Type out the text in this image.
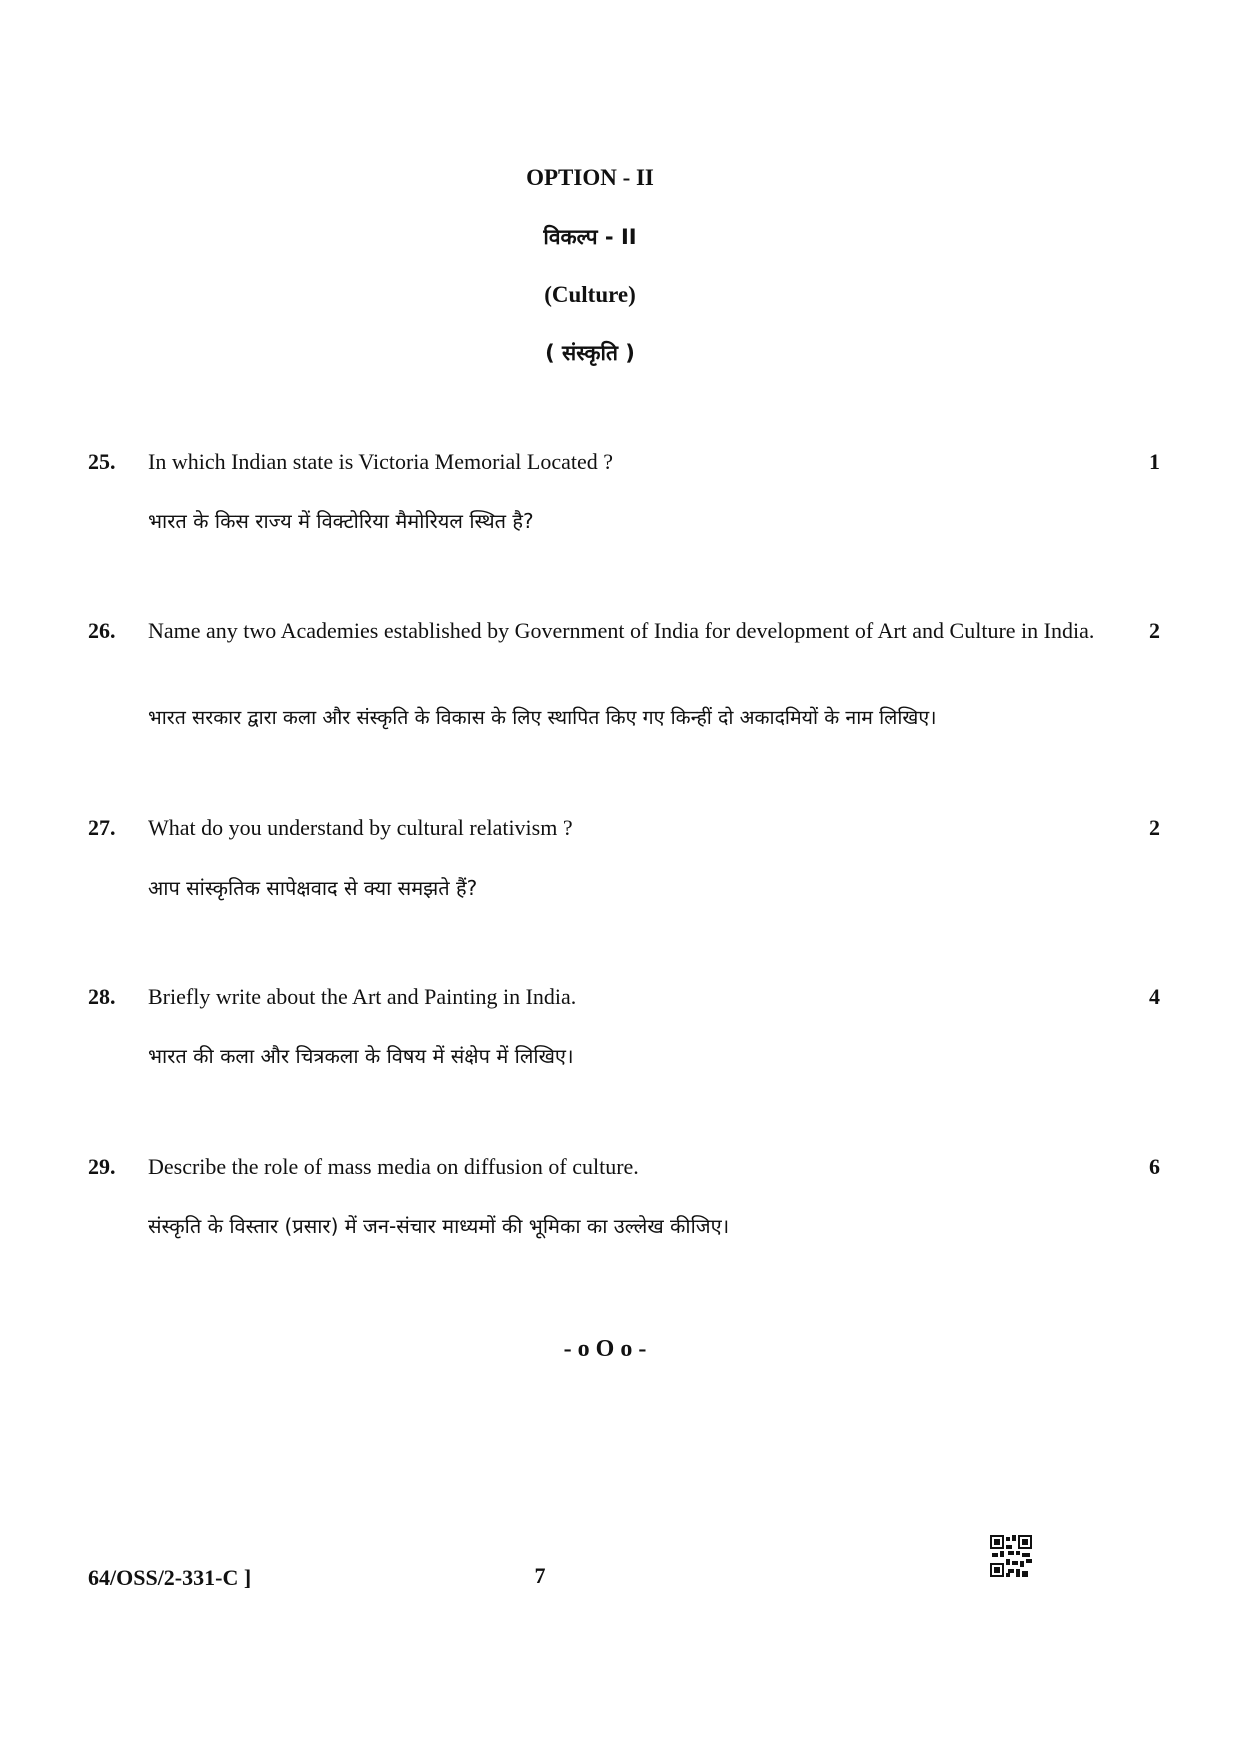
OPTION - II
विकल्प - II
(Culture)
( संस्कृति )
25.	In which Indian state is Victoria Memorial Located ?	1
भारत के किस राज्य में विक्टोरिया मैमोरियल स्थित है?
26.	Name any two Academies established by Government of India for development of Art and Culture in India.	2
भारत सरकार द्वारा कला और संस्कृति के विकास के लिए स्थापित किए गए किन्हीं दो अकादमियों के नाम लिखिए।
27.	What do you understand by cultural relativism ?	2
आप सांस्कृतिक सापेक्षवाद से क्या समझते हैं?
28.	Briefly write about the Art and Painting in India.	4
भारत की कला और चित्रकला के विषय में संक्षेप में लिखिए।
29.	Describe the role of mass media on diffusion of culture.	6
संस्कृति के विस्तार (प्रसार) में जन-संचार माध्यमों की भूमिका का उल्लेख कीजिए।
- o O o -
64/OSS/2-331-C ]	7
